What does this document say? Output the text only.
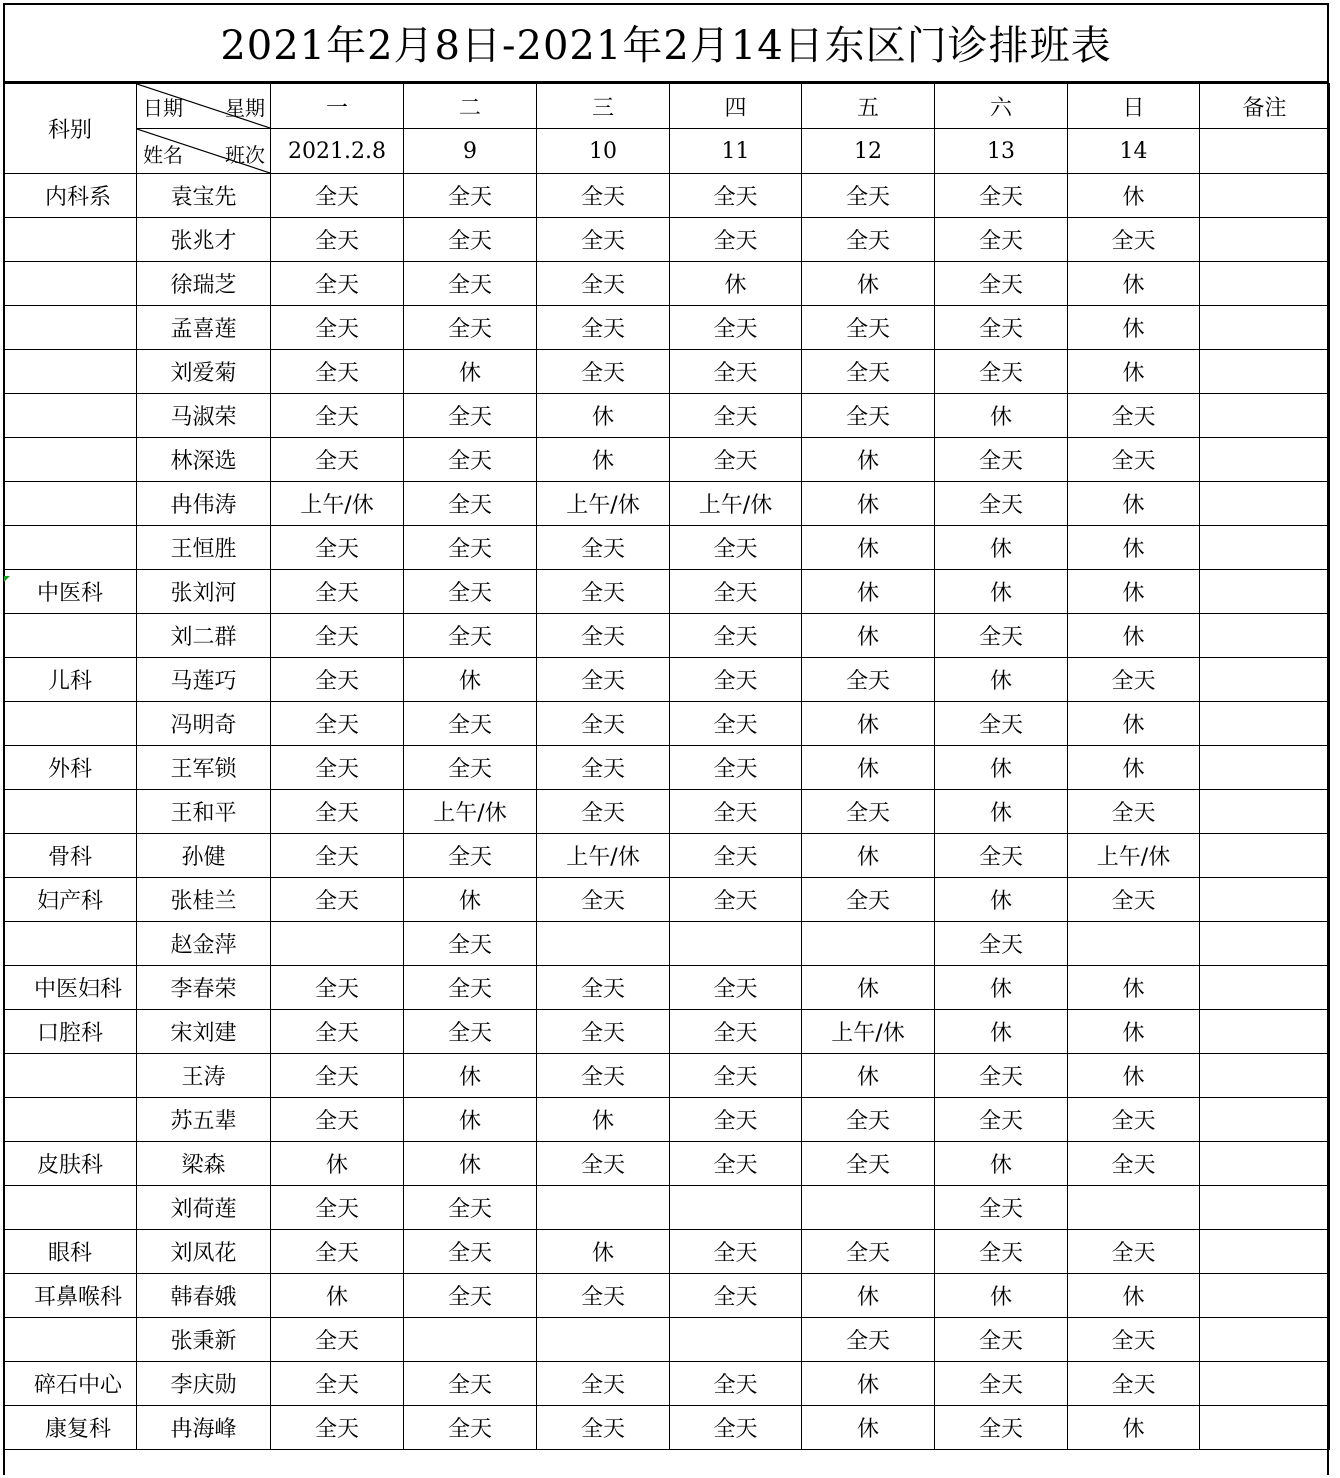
2021年2月8日-2021年2月14日东区门诊排班表
科别	日期 星期	一	二	三	四	五	六	日	备注

	姓名 班次	2021.2.8	9	10	11	12	13	14	
内科系	袁宝先	全天	全天	全天	全天	全天	全天	休	
	张兆才	全天	全天	全天	全天	全天	全天	全天	
	徐瑞芝	全天	全天	全天	休	休	全天	休	
	孟喜莲	全天	全天	全天	全天	全天	全天	休	
	刘爱菊	全天	休	全天	全天	全天	全天	休	
	马淑荣	全天	全天	休	全天	全天	休	全天	
	林深选	全天	全天	休	全天	休	全天	全天	
	冉伟涛	上午/休	全天	上午/休	上午/休	休	全天	休	
	王恒胜	全天	全天	全天	全天	休	休	休	
中医科	张刘河	全天	全天	全天	全天	休	休	休	
	刘二群	全天	全天	全天	全天	休	全天	休	
儿科	马莲巧	全天	休	全天	全天	全天	休	全天	
	冯明奇	全天	全天	全天	全天	休	全天	休	
外科	王军锁	全天	全天	全天	全天	休	休	休	
	王和平	全天	上午/休	全天	全天	全天	休	全天	
骨科	孙健	全天	全天	上午/休	全天	休	全天	上午/休	
妇产科	张桂兰	全天	休	全天	全天	全天	休	全天	
	赵金萍		全天				全天		
中医妇科	李春荣	全天	全天	全天	全天	休	休	休	
口腔科	宋刘建	全天	全天	全天	全天	上午/休	休	休	
	王涛	全天	休	全天	全天	休	全天	休	
	苏五辈	全天	休	休	全天	全天	全天	全天	
皮肤科	梁森	休	休	全天	全天	全天	休	全天	
	刘荷莲	全天	全天				全天		
眼科	刘凤花	全天	全天	休	全天	全天	全天	全天	
耳鼻喉科	韩春娥	休	全天	全天	全天	休	休	休	
	张秉新	全天				全天	全天	全天	
碎石中心	李庆勋	全天	全天	全天	全天	休	全天	全天	
康复科	冉海峰	全天	全天	全天	全天	休	全天	休	
